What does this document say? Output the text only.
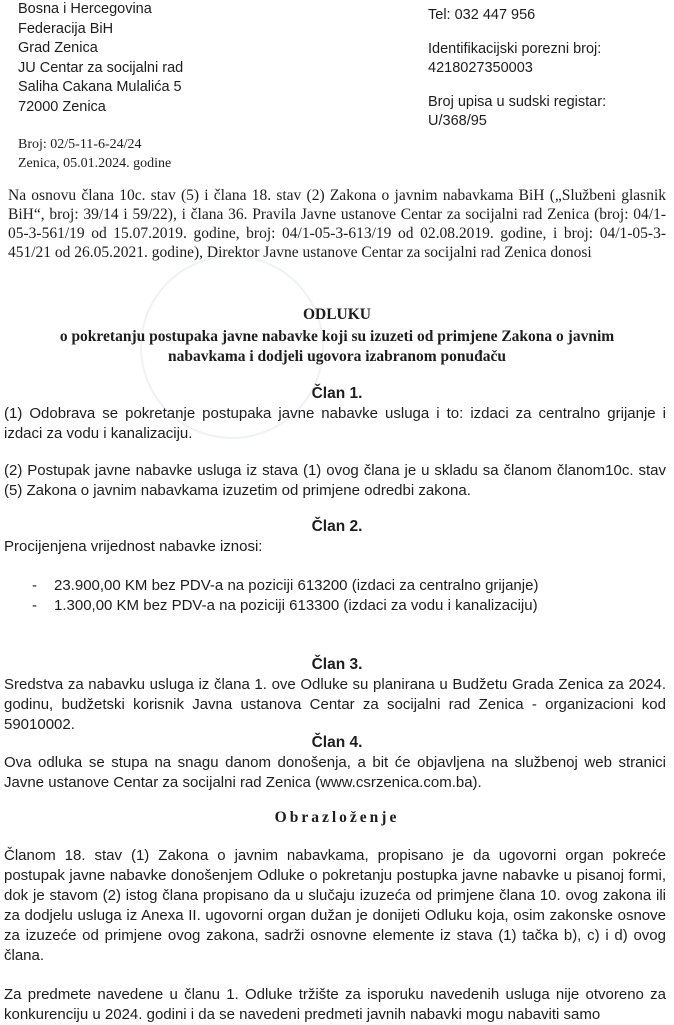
Bosna i Hercegovina
Federacija BiH
Grad Zenica
JU Centar za socijalni rad
Saliha Cakana Mulalića 5
72000 Zenica
Tel: 032 447 956
Identifikacijski porezni broj:
4218027350003
Broj upisa u sudski registar:
U/368/95
Broj: 02/5-11-6-24/24
Zenica, 05.01.2024. godine

Na osnovu člana 10c. stav (5) i člana 18. stav (2) Zakona o javnim nabavkama BiH („Službeni glasnik BiH“, broj: 39/14 i 59/22), i člana 36. Pravila Javne ustanove Centar za socijalni rad Zenica (broj: 04/1-05-3-561/19 od 15.07.2019. godine, broj: 04/1-05-3-613/19 od 02.08.2019. godine, i broj: 04/1-05-3-451/21 od 26.05.2021. godine), Direktor Javne ustanove Centar za socijalni rad Zenica donosi

ODLUKU
o pokretanju postupaka javne nabavke koji su izuzeti od primjene Zakona o javnim nabavkama i dodjeli ugovora izabranom ponuđaču
Član 1.

(1) Odobrava se pokretanje postupaka javne nabavke usluga i to: izdaci za centralno grijanje i izdaci za vodu i kanalizaciju.

(2) Postupak javne nabavke usluga iz stava (1) ovog člana je u skladu sa članom članom10c. stav (5) Zakona o javnim nabavkama izuzetim od primjene odredbi zakona.

Član 2.

Procijenjena vrijednost nabavke iznosi:

- 23.900,00 KM bez PDV-a na poziciji 613200 (izdaci za centralno grijanje)
- 1.300,00 KM bez PDV-a na poziciji 613300 (izdaci za vodu i kanalizaciju)
Član 3.

Sredstva za nabavku usluga iz člana 1. ove Odluke su planirana u Budžetu Grada Zenica za 2024. godinu, budžetski korisnik Javna ustanova Centar za socijalni rad Zenica - organizacioni kod 59010002.

Član 4.

Ova odluka se stupa na snagu danom donošenja, a bit će objavljena na službenoj web stranici Javne ustanove Centar za socijalni rad Zenica (www.csrzenica.com.ba).

Obrazloženje

Članom 18. stav (1) Zakona o javnim nabavkama, propisano je da ugovorni organ pokreće postupak javne nabavke donošenjem Odluke o pokretanju postupka javne nabavke u pisanoj formi, dok je stavom (2) istog člana propisano da u slučaju izuzeća od primjene člana 10. ovog zakona ili za dodjelu usluga iz Anexa II. ugovorni organ dužan je donijeti Odluku koja, osim zakonske osnove za izuzeće od primjene ovog zakona, sadrži osnovne elemente iz stava (1) tačka b), c) i d) ovog člana.

Za predmete navedene u članu 1. Odluke tržište za isporuku navedenih usluga nije otvoreno za konkurenciju u 2024. godini i da se navedeni predmeti javnih nabavki mogu nabaviti samo
